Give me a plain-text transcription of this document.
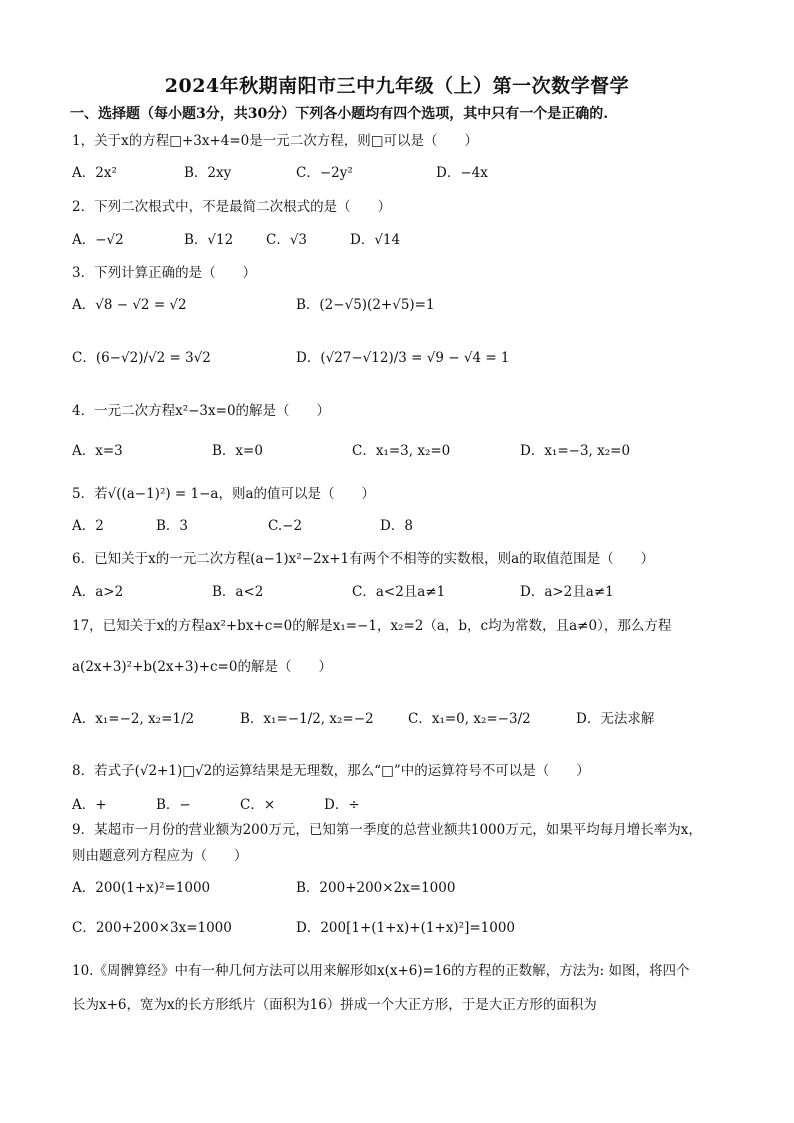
2024年秋期南阳市三中九年级（上）第一次数学督学
一、选择题（每小题3分，共30分）下列各小题均有四个选项，其中只有一个是正确的.
1，关于x的方程□+3x+4=0是一元二次方程，则□可以是（　　）
A．2x²	B．2xy	C．−2y²	D．−4x
2．下列二次根式中，不是最简二次根式的是（　　）
A．−√2	B．√12 C．√3	D．√14
3．下列计算正确的是（　　）
A．√8 − √2 = √2	B．(2−√5)(2+√5)=1
C．(6−√2)/√2 = 3√2	D．(√27−√12)/3 = √9 − √4 = 1
4．一元二次方程x²−3x=0的解是（　　）
A．x=3	B．x=0	C．x₁=3, x₂=0	D．x₁=−3, x₂=0
5．若√((a−1)²) = 1−a，则a的值可以是（　　）
A．2	B．3	C.−2	D．8
6．已知关于x的一元二次方程(a−1)x²−2x+1有两个不相等的实数根，则a的取值范围是（　　）
A．a>2	B．a<2	C．a<2且a≠1	D．a>2且a≠1
17，已知关于x的方程ax²+bx+c=0的解是x₁=−1，x₂=2（a，b，c均为常数，且a≠0），那么方程
a(2x+3)²+b(2x+3)+c=0的解是（　　）
A．x₁=−2, x₂=1/2	B．x₁=−1/2, x₂=−2	C．x₁=0, x₂=−3/2	D．无法求解
8．若式子(√2+1)□√2的运算结果是无理数，那么“□”中的运算符号不可以是（　　）
A．+	B．−	C．×	D．÷
9．某超市一月份的营业额为200万元，已知第一季度的总营业额共1000万元，如果平均每月增长率为x，
则由题意列方程应为（　　）
A．200(1+x)²=1000	B．200+200×2x=1000
C．200+200×3x=1000	D．200[1+(1+x)+(1+x)²]=1000
10.《周髀算经》中有一种几何方法可以用来解形如x(x+6)=16的方程的正数解，方法为: 如图，将四个
长为x+6，宽为x的长方形纸片（面积为16）拼成一个大正方形，于是大正方形的面积为
